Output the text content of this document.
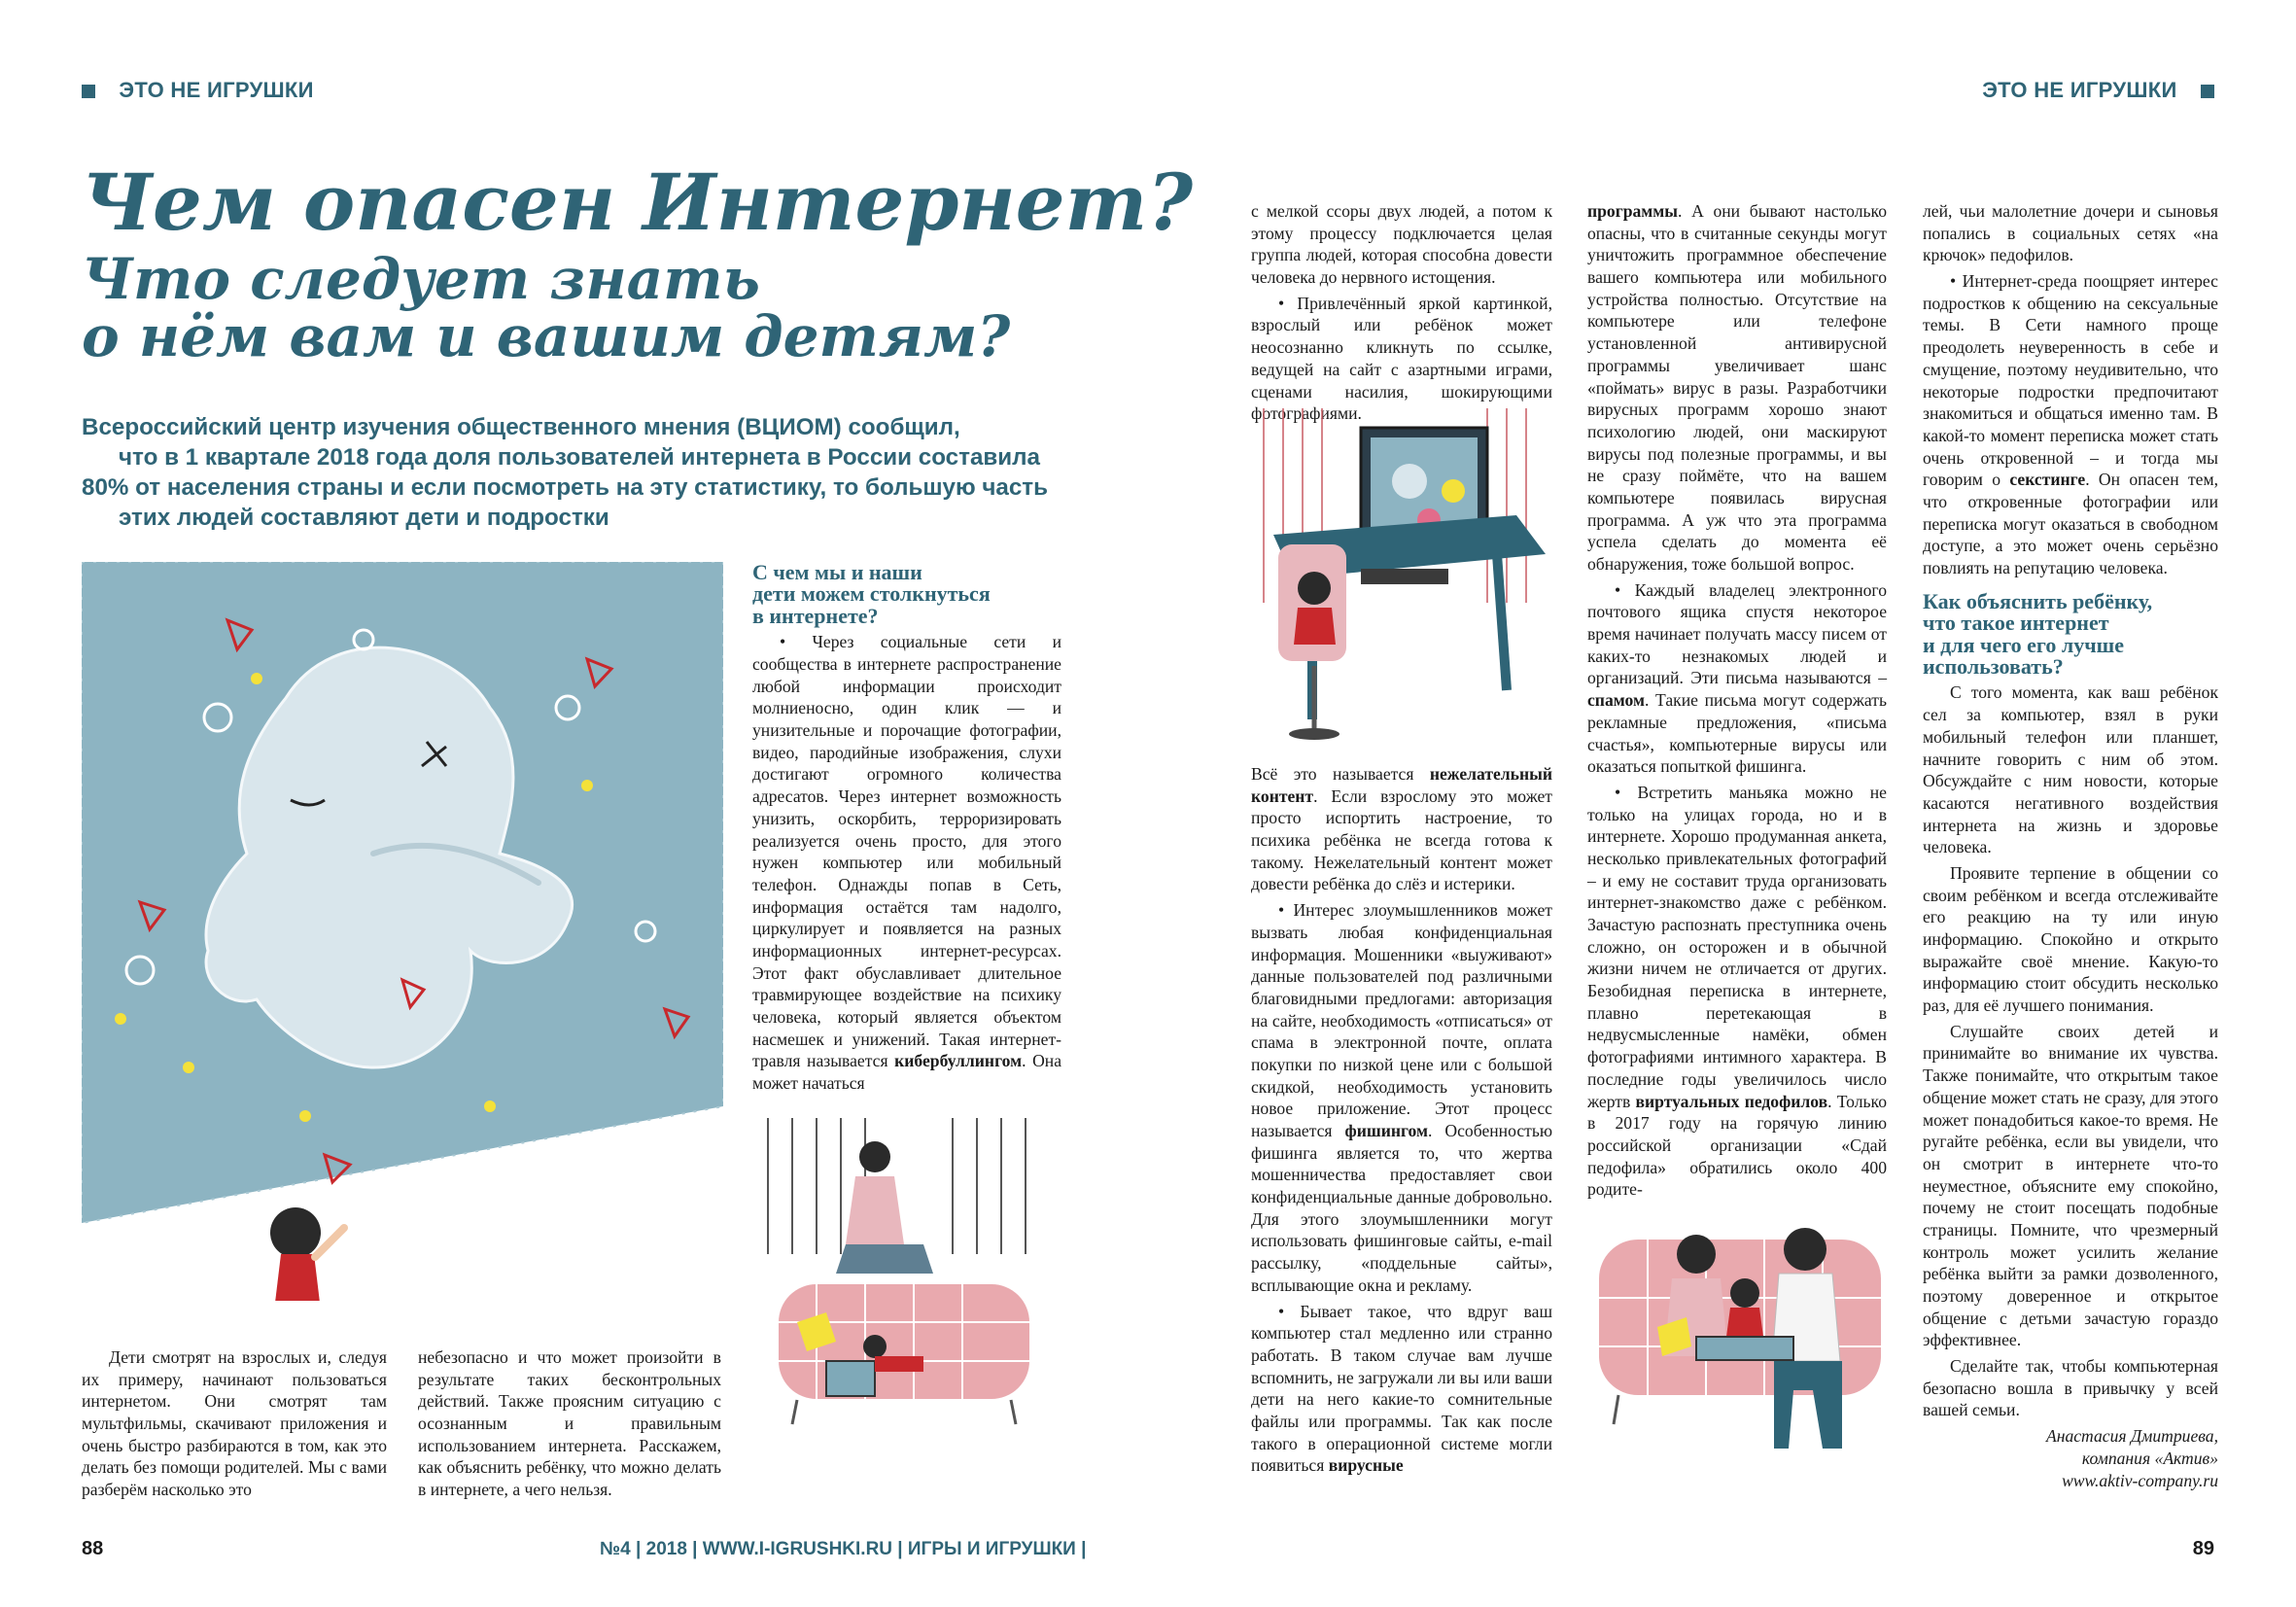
ЭТО НЕ ИГРУШКИ	ЭТО НЕ ИГРУШКИ
Чем опасен Интернет?
Что следует знать
о нём вам и вашим детям?
Всероссийский центр изучения общественного мнения (ВЦИОМ) сообщил,
что в 1 квартале 2018 года доля пользователей интернета в России составила
80% от населения страны и если посмотреть на эту статистику, то большую часть
этих людей составляют дети и подростки
С чем мы и наши
дети можем столкнуться
в интернете?

• Через социальные сети и сообщества в интернете распространение любой информации происходит молниеносно, один клик — и унизительные и порочащие фотографии, видео, пародийные изображения, слухи достигают огромного количества адресатов. Через интернет возможность унизить, оскорбить, терроризировать реализуется очень просто, для этого нужен компьютер или мобильный телефон. Однажды попав в Сеть, информация остаётся там надолго, циркулирует и появляется на разных информационных интернет-ресурсах. Этот факт обуславливает длительное травмирующее воздействие на психику человека, который является объектом насмешек и унижений. Такая интернет-травля называется кибербуллингом. Она может начаться

Дети смотрят на взрослых и, следуя их примеру, начинают пользоваться интернетом. Они смотрят там мультфильмы, скачивают приложения и очень быстро разбираются в том, как это делать без помощи родителей. Мы с вами разберём насколько это

небезопасно и что может произойти в результате таких бесконтрольных действий. Также проясним ситуацию с осознанным и правильным использованием интернета. Расскажем, как объяснить ребёнку, что можно делать в интернете, а чего нельзя.

с мелкой ссоры двух людей, а потом к этому процессу подключается целая группа людей, которая способна довести человека до нервного истощения.

• Привлечённый яркой картинкой, взрослый или ребёнок может неосознанно кликнуть по ссылке, ведущей на сайт с азартными играми, сценами насилия, шокирующими фотографиями.

Всё это называется нежелательный контент. Если взрослому это может просто испортить настроение, то психика ребёнка не всегда готова к такому. Нежелательный контент может довести ребёнка до слёз и истерики.

• Интерес злоумышленников может вызвать любая конфиденциальная информация. Мошенники «выуживают» данные пользователей под различными благовидными предлогами: авторизация на сайте, необходимость «отписаться» от спама в электронной почте, оплата покупки по низкой цене или с большой скидкой, необходимость установить новое приложение. Этот процесс называется фишингом. Особенностью фишинга является то, что жертва мошенничества предоставляет свои конфиденциальные данные добровольно. Для этого злоумышленники могут использовать фишинговые сайты, e-mail рассылку, «поддельные сайты», всплывающие окна и рекламу.

• Бывает такое, что вдруг ваш компьютер стал медленно или странно работать. В таком случае вам лучше вспомнить, не загружали ли вы или ваши дети на него какие-то сомнительные файлы или программы. Так как после такого в операционной системе могли появиться вирусные

программы. А они бывают настолько опасны, что в считанные секунды могут уничтожить программное обеспечение вашего компьютера или мобильного устройства полностью. Отсутствие на компьютере или телефоне установленной антивирусной программы увеличивает шанс «поймать» вирус в разы. Разработчики вирусных программ хорошо знают психологию людей, они маскируют вирусы под полезные программы, и вы не сразу поймёте, что на вашем компьютере появилась вирусная программа. А уж что эта программа успела сделать до момента её обнаружения, тоже большой вопрос.

• Каждый владелец электронного почтового ящика спустя некоторое время начинает получать массу писем от каких-то незнакомых людей и организаций. Эти письма называются – спамом. Такие письма могут содержать рекламные предложения, «письма счастья», компьютерные вирусы или оказаться попыткой фишинга.

• Встретить маньяка можно не только на улицах города, но и в интернете. Хорошо продуманная анкета, несколько привлекательных фотографий – и ему не составит труда организовать интернет-знакомство даже с ребёнком. Зачастую распознать преступника очень сложно, он осторожен и в обычной жизни ничем не отличается от других. Безобидная переписка в интернете, плавно перетекающая в недвусмысленные намёки, обмен фотографиями интимного характера. В последние годы увеличилось число жертв виртуальных педофилов. Только в 2017 году на горячую линию российской организации «Сдай педофила» обратились около 400 родите-

лей, чьи малолетние дочери и сыновья попались в социальных сетях «на крючок» педофилов.

• Интернет-среда поощряет интерес подростков к общению на сексуальные темы. В Сети намного проще преодолеть неуверенность в себе и смущение, поэтому неудивительно, что некоторые подростки предпочитают знакомиться и общаться именно там. В какой-то момент переписка может стать очень откровенной – и тогда мы говорим о секстинге. Он опасен тем, что откровенные фотографии или переписка могут оказаться в свободном доступе, а это может очень серьёзно повлиять на репутацию человека.

Как объяснить ребёнку,
что такое интернет
и для чего его лучше
использовать?

С того момента, как ваш ребёнок сел за компьютер, взял в руки мобильный телефон или планшет, начните говорить с ним об этом. Обсуждайте с ним новости, которые касаются негативного воздействия интернета на жизнь и здоровье человека.

Проявите терпение в общении со своим ребёнком и всегда отслеживайте его реакцию на ту или иную информацию. Спокойно и открыто выражайте своё мнение. Какую-то информацию стоит обсудить несколько раз, для её лучшего понимания.

Слушайте своих детей и принимайте во внимание их чувства. Также понимайте, что открытым такое общение может стать не сразу, для этого может понадобиться какое-то время. Не ругайте ребёнка, если вы увидели, что он смотрит в интернете что-то неуместное, объясните ему спокойно, почему не стоит посещать подобные страницы. Помните, что чрезмерный контроль может усилить желание ребёнка выйти за рамки дозволенного, поэтому доверенное и открытое общение с детьми зачастую гораздо эффективнее.

Сделайте так, чтобы компьютерная безопасно вошла в привычку у всей вашей семьи.

Анастасия Дмитриева,
компания «Актив»
www.aktiv-company.ru
88	№4 | 2018 | WWW.I-IGRUSHKI.RU | ИГРЫ И ИГРУШКИ |	89
